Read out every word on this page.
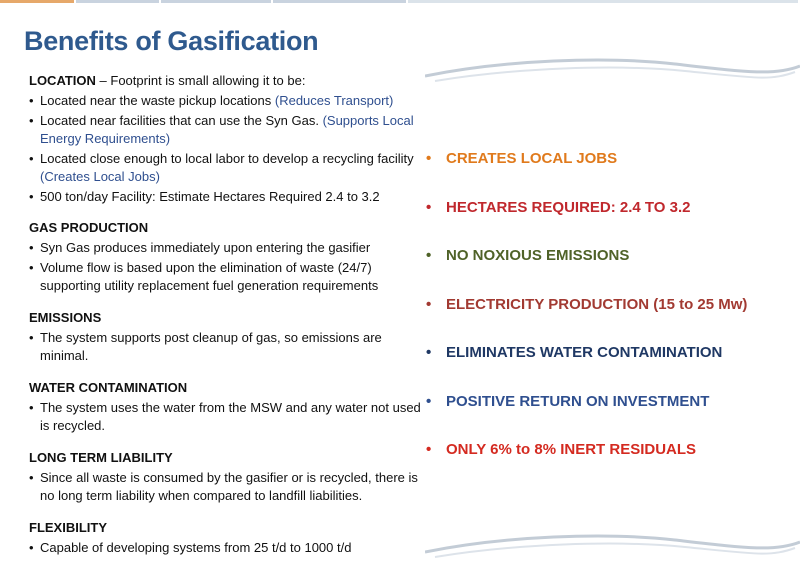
Benefits of Gasification
LOCATION – Footprint is small allowing it to be:
• Located near the waste pickup locations (Reduces Transport)
• Located near facilities that can use the Syn Gas. (Supports Local Energy Requirements)
• Located close enough to local labor to develop a recycling facility (Creates Local Jobs)
• 500 ton/day Facility: Estimate Hectares Required 2.4 to 3.2
GAS PRODUCTION
• Syn Gas produces immediately upon entering the gasifier
• Volume flow is based upon the elimination of waste (24/7) supporting utility replacement fuel generation requirements
EMISSIONS
• The system supports post cleanup of gas, so emissions are minimal.
WATER CONTAMINATION
• The system uses the water from the MSW and any water not used is recycled.
LONG TERM LIABILITY
• Since all waste is consumed by the gasifier or is recycled, there is no long term liability when compared to landfill liabilities.
FLEXIBILITY
• Capable of developing systems from 25 t/d to 1000 t/d
• CREATES LOCAL JOBS
• HECTARES REQUIRED: 2.4 TO 3.2
• NO NOXIOUS EMISSIONS
• ELECTRICITY PRODUCTION (15 to 25 Mw)
• ELIMINATES WATER CONTAMINATION
• POSITIVE RETURN ON INVESTMENT
• ONLY 6% to 8% INERT RESIDUALS
